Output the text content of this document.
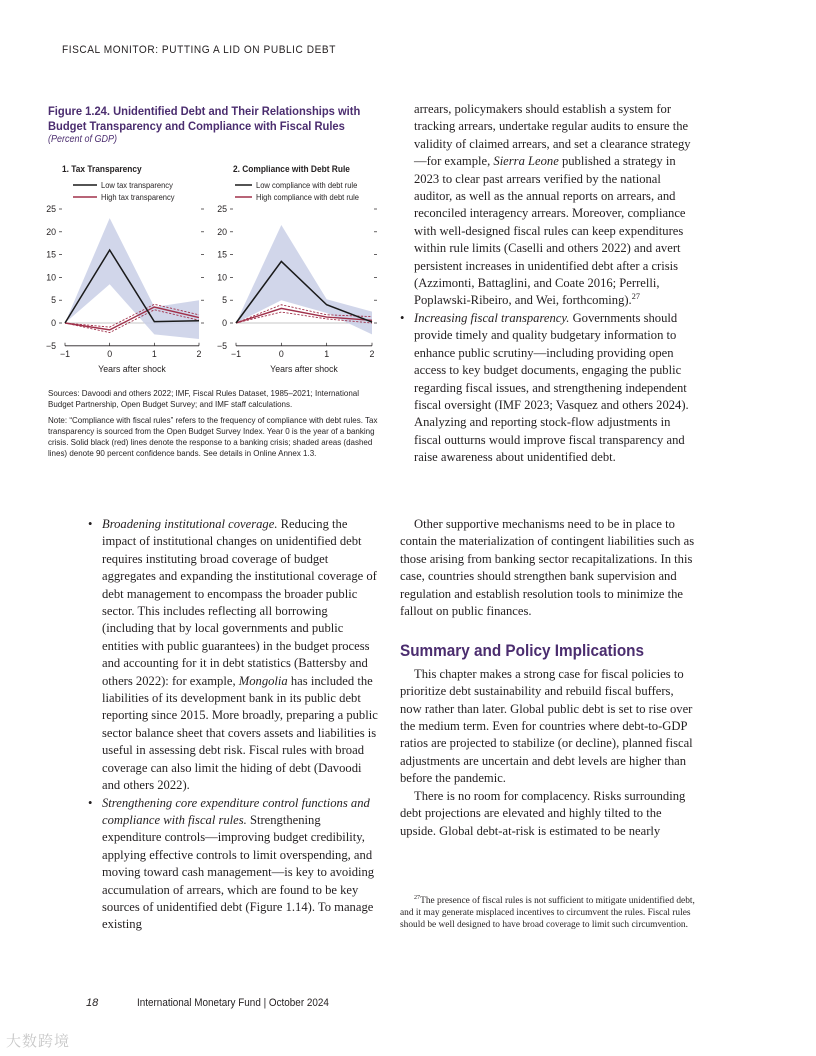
FISCAL MONITOR: PUTTING A LID ON PUBLIC DEBT
Figure 1.24. Unidentified Debt and Their Relationships with
Budget Transparency and Compliance with Fiscal Rules
(Percent of GDP)
1. Tax Transparency
Low tax transparency
High tax transparency
−5
0
5
10
15
20
25
−1	0	1	2
Years after shock
2. Compliance with Debt Rule
Low compliance with debt rule
High compliance with debt rule
−5
0
5
10
15
20
25
−1	0	1	2
Years after shock

Sources: Davoodi and others 2022; IMF, Fiscal Rules Dataset, 1985–2021; International Budget Partnership, Open Budget Survey; and IMF staff calculations.

Note: “Compliance with fiscal rules” refers to the frequency of compliance with debt rules. Tax transparency is sourced from the Open Budget Survey Index. Year 0 is the year of a banking crisis. Solid black (red) lines denote the response to a banking crisis; shaded areas (dashed lines) denote 90 percent confidence bands. See details in Online Annex 1.3.

arrears, policymakers should establish a system for tracking arrears, undertake regular audits to ensure the validity of claimed arrears, and set a clearance strategy—for example, Sierra Leone published a strategy in 2023 to clear past arrears verified by the national auditor, as well as the annual reports on arrears, and reconciled interagency arrears. Moreover, compliance with well-designed fiscal rules can keep expenditures within rule limits (Caselli and others 2022) and avert persistent increases in unidentified debt after a crisis (Azzimonti, Battaglini, and Coate 2016; Perrelli, Poplawski-Ribeiro, and Wei, forthcoming).$^{27}$

• Increasing fiscal transparency. Governments should provide timely and quality budgetary information to enhance public scrutiny—including providing open access to key budget documents, engaging the public regarding fiscal issues, and strengthening independent fiscal oversight (IMF 2023; Vasquez and others 2024). Analyzing and reporting stock-flow adjustments in fiscal outturns would improve fiscal transparency and raise awareness about unidentified debt.

• Broadening institutional coverage. Reducing the impact of institutional changes on unidentified debt requires instituting broad coverage of budget aggregates and expanding the institutional coverage of debt management to encompass the broader public sector. This includes reflecting all borrowing (including that by local governments and public entities with public guarantees) in the budget process and accounting for it in debt statistics (Battersby and others 2022): for example, Mongolia has included the liabilities of its development bank in its public debt reporting since 2015. More broadly, preparing a public sector balance sheet that covers assets and liabilities is useful in assessing debt risk. Fiscal rules with broad coverage can also limit the hiding of debt (Davoodi and others 2022).

• Strengthening core expenditure control functions and compliance with fiscal rules. Strengthening expenditure controls—improving budget credibility, applying effective controls to limit overspending, and moving toward cash management—is key to avoiding accumulation of arrears, which are found to be key sources of unidentified debt (Figure 1.14). To manage existing

Other supportive mechanisms need to be in place to contain the materialization of contingent liabilities such as those arising from banking sector recapitalizations. In this case, countries should strengthen bank supervision and regulation and establish resolution tools to minimize the fallout on public finances.

Summary and Policy Implications

This chapter makes a strong case for fiscal policies to prioritize debt sustainability and rebuild fiscal buffers, now rather than later. Global public debt is set to rise over the medium term. Even for countries where debt-to-GDP ratios are projected to stabilize (or decline), planned fiscal adjustments are uncertain and debt levels are higher than before the pandemic.

There is no room for complacency. Risks surrounding debt projections are elevated and highly tilted to the upside. Global debt-at-risk is estimated to be nearly

$^{27}$The presence of fiscal rules is not sufficient to mitigate unidentified debt, and it may generate misplaced incentives to circumvent the rules. Fiscal rules should be well designed to have broad coverage to limit such circumvention.

18	International Monetary Fund | October 2024
大数跨境
